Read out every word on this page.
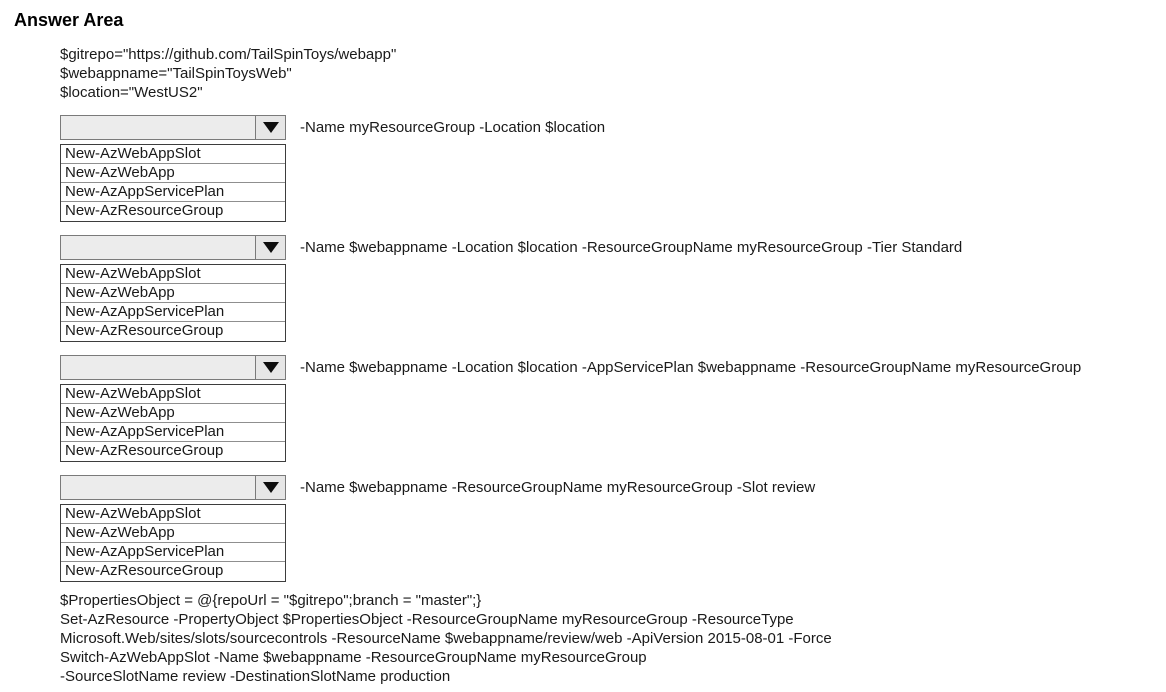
Answer Area
$gitrepo="https://github.com/TailSpinToys/webapp"
$webappname="TailSpinToysWeb"
$location="WestUS2"
-Name myResourceGroup -Location $location
New-AzWebAppSlot
New-AzWebApp
New-AzAppServicePlan
New-AzResourceGroup
-Name $webappname -Location $location -ResourceGroupName myResourceGroup -Tier Standard
New-AzWebAppSlot
New-AzWebApp
New-AzAppServicePlan
New-AzResourceGroup
-Name $webappname -Location $location -AppServicePlan $webappname -ResourceGroupName myResourceGroup
New-AzWebAppSlot
New-AzWebApp
New-AzAppServicePlan
New-AzResourceGroup
-Name $webappname -ResourceGroupName myResourceGroup -Slot review
New-AzWebAppSlot
New-AzWebApp
New-AzAppServicePlan
New-AzResourceGroup
$PropertiesObject = @{repoUrl = "$gitrepo";branch = "master";}
Set-AzResource -PropertyObject $PropertiesObject -ResourceGroupName myResourceGroup -ResourceType
Microsoft.Web/sites/slots/sourcecontrols -ResourceName $webappname/review/web -ApiVersion 2015-08-01 -Force
Switch-AzWebAppSlot -Name $webappname -ResourceGroupName myResourceGroup
-SourceSlotName review -DestinationSlotName production
